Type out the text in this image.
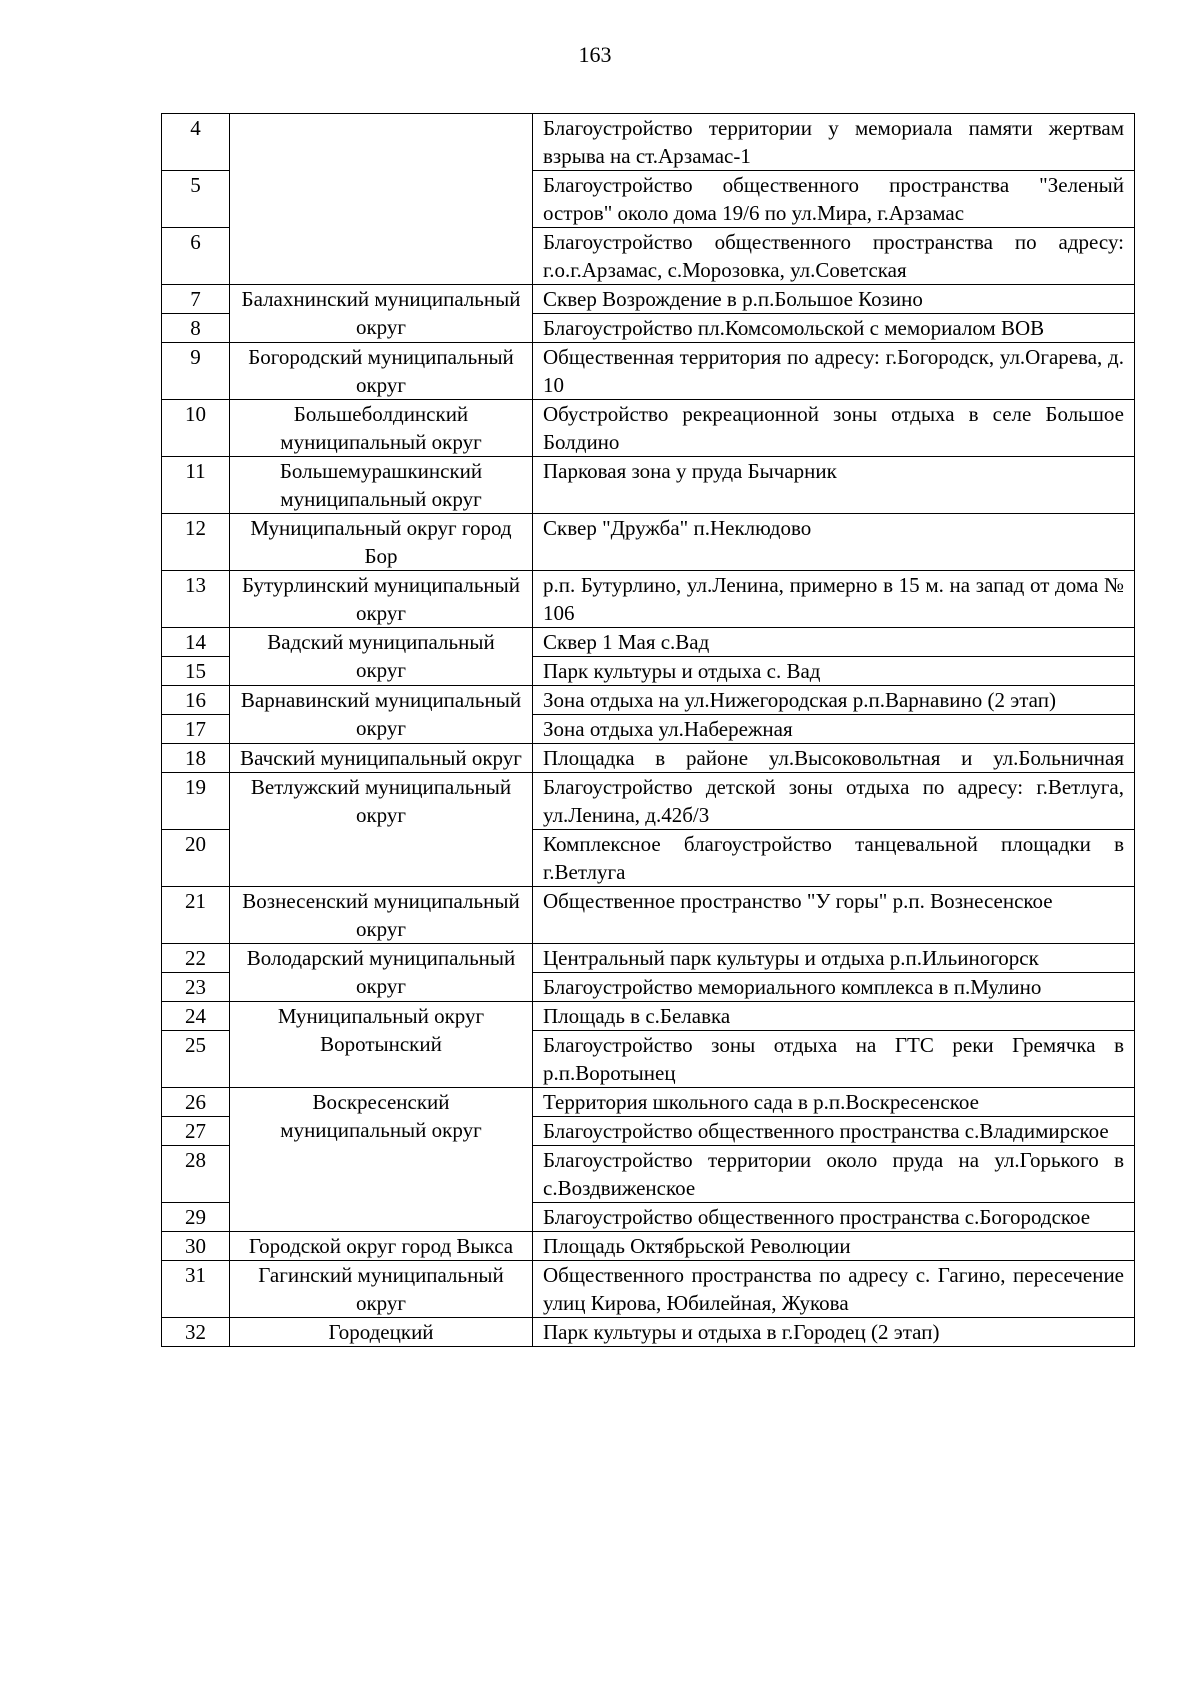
163
4		Благоустройство территории у мемориала памяти жертвам взрыва на ст.Арзамас-1
5		Благоустройство общественного пространства "Зеленый остров" около дома 19/6 по ул.Мира, г.Арзамас
6		Благоустройство общественного пространства по адресу: г.о.г.Арзамас, с.Морозовка, ул.Советская
7	Балахнинский муниципальный округ	Сквер Возрождение в р.п.Большое Козино
8		Благоустройство пл.Комсомольской с мемориалом ВОВ
9	Богородский муниципальный округ	Общественная территория по адресу: г.Богородск, ул.Огарева, д. 10
10	Большеболдинский муниципальный округ	Обустройство рекреационной зоны отдыха в селе Большое Болдино
11	Большемурашкинский муниципальный округ	Парковая зона у пруда Бычарник
12	Муниципальный округ город Бор	Сквер "Дружба" п.Неклюдово
13	Бутурлинский муниципальный округ	р.п. Бутурлино, ул.Ленина, примерно в 15 м. на запад от дома № 106
14	Вадский муниципальный округ	Сквер 1 Мая с.Вад
15		Парк культуры и отдыха с. Вад
16	Варнавинский муниципальный округ	Зона отдыха на ул.Нижегородская р.п.Варнавино (2 этап)
17		Зона отдыха ул.Набережная
18	Вачский муниципальный округ	Площадка в районе ул.Высоковольтная и ул.Больничная
19	Ветлужский муниципальный округ	Благоустройство детской зоны отдыха по адресу: г.Ветлуга, ул.Ленина, д.42б/3
20		Комплексное благоустройство танцевальной площадки в г.Ветлуга
21	Вознесенский муниципальный округ	Общественное пространство "У горы" р.п. Вознесенское
22	Володарский муниципальный округ	Центральный парк культуры и отдыха р.п.Ильиногорск
23		Благоустройство мемориального комплекса в п.Мулино
24	Муниципальный округ Воротынский	Площадь в с.Белавка
25		Благоустройство зоны отдыха на ГТС реки Гремячка в р.п.Воротынец
26	Воскресенский муниципальный округ	Территория школьного сада в р.п.Воскресенское
27		Благоустройство общественного пространства с.Владимирское
28		Благоустройство территории около пруда на ул.Горького в с.Воздвиженское
29		Благоустройство общественного пространства с.Богородское
30	Городской округ город Выкса	Площадь Октябрьской Революции
31	Гагинский муниципальный округ	Общественного пространства по адресу с. Гагино, пересечение улиц Кирова, Юбилейная, Жукова
32	Городецкий	Парк культуры и отдыха в г.Городец (2 этап)
